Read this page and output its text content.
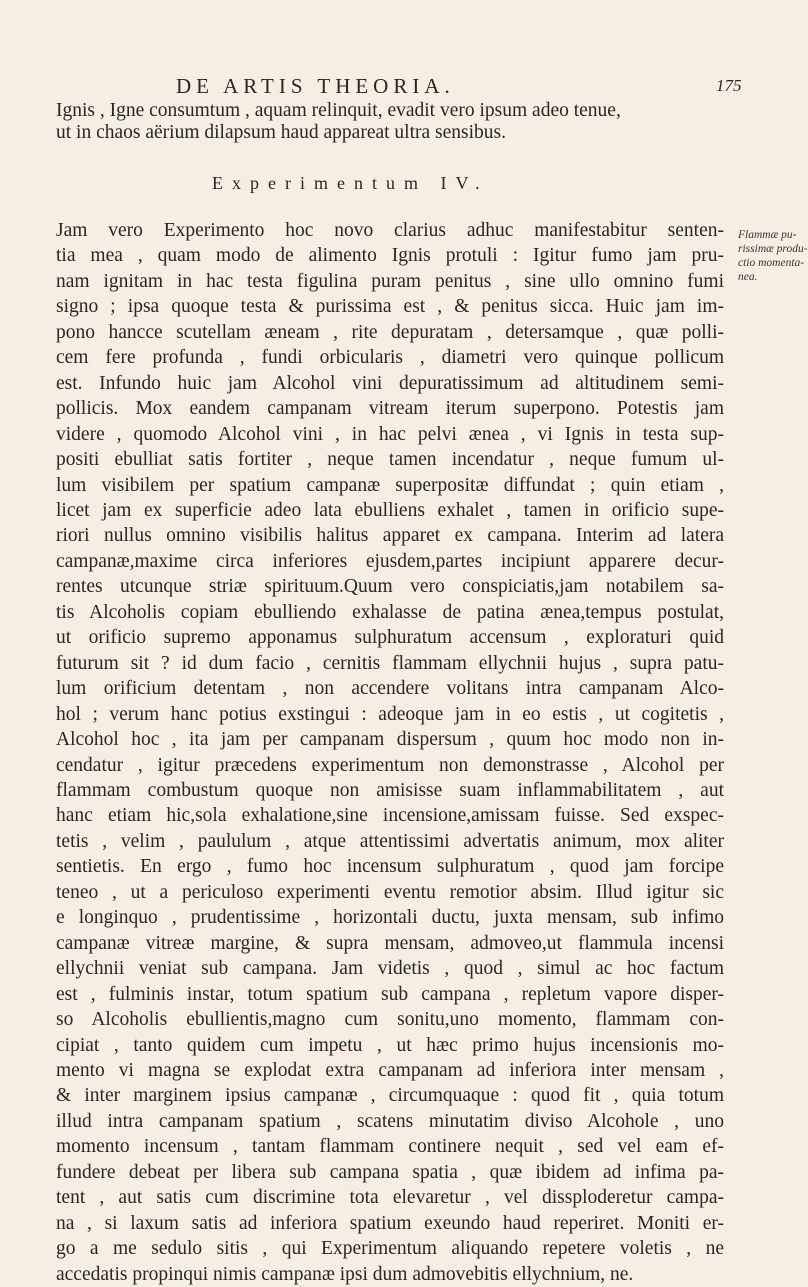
DE ARTIS THEORIA.	175
Ignis , Igne consumtum , aquam relinquit, evadit vero ipsum adeo tenue,
ut in chaos aërium dilapsum haud appareat ultra sensibus.
Experimentum IV.
Flammæ pu-
rissimæ produ-
ctio momenta-
nea.
Jam vero Experimento hoc novo clarius adhuc manifestabitur senten-
tia mea , quam modo de alimento Ignis protuli : Igitur fumo jam pru-
nam ignitam in hac testa figulina puram penitus , sine ullo omnino fumi
signo ; ipsa quoque testa & purissima est , & penitus sicca. Huic jam im-
pono hancce scutellam æneam , rite depuratam , detersamque , quæ polli-
cem fere profunda , fundi orbicularis , diametri vero quinque pollicum
est. Infundo huic jam Alcohol vini depuratissimum ad altitudinem semi-
pollicis. Mox eandem campanam vitream iterum superpono. Potestis jam
videre , quomodo Alcohol vini , in hac pelvi ænea , vi Ignis in testa sup-
positi ebulliat satis fortiter , neque tamen incendatur , neque fumum ul-
lum visibilem per spatium campanæ superpositæ diffundat ; quin etiam ,
licet jam ex superficie adeo lata ebulliens exhalet , tamen in orificio supe-
riori nullus omnino visibilis halitus apparet ex campana. Interim ad latera
campanæ,maxime circa inferiores ejusdem,partes incipiunt apparere decur-
rentes utcunque striæ spirituum.Quum vero conspiciatis,jam notabilem sa-
tis Alcoholis copiam ebulliendo exhalasse de patina ænea,tempus postulat,
ut orificio supremo apponamus sulphuratum accensum , exploraturi quid
futurum sit ? id dum facio , cernitis flammam ellychnii hujus , supra patu-
lum orificium detentam , non accendere volitans intra campanam Alco-
hol ; verum hanc potius exstingui : adeoque jam in eo estis , ut cogitetis ,
Alcohol hoc , ita jam per campanam dispersum , quum hoc modo non in-
cendatur , igitur præcedens experimentum non demonstrasse , Alcohol per
flammam combustum quoque non amisisse suam inflammabilitatem , aut
hanc etiam hic,sola exhalatione,sine incensione,amissam fuisse. Sed exspec-
tetis , velim , paululum , atque attentissimi advertatis animum, mox aliter
sentietis. En ergo , fumo hoc incensum sulphuratum , quod jam forcipe
teneo , ut a periculoso experimenti eventu remotior absim. Illud igitur sic
e longinquo , prudentissime , horizontali ductu, juxta mensam, sub infimo
campanæ vitreæ margine, & supra mensam, admoveo,ut flammula incensi
ellychnii veniat sub campana. Jam videtis , quod , simul ac hoc factum
est , fulminis instar, totum spatium sub campana , repletum vapore disper-
so Alcoholis ebullientis,magno cum sonitu,uno momento, flammam con-
cipiat , tanto quidem cum impetu , ut hæc primo hujus incensionis mo-
mento vi magna se explodat extra campanam ad inferiora inter mensam ,
& inter marginem ipsius campanæ , circumquaque : quod fit , quia totum
illud intra campanam spatium , scatens minutatim diviso Alcohole , uno
momento incensum , tantam flammam continere nequit , sed vel eam ef-
fundere debeat per libera sub campana spatia , quæ ibidem ad infima pa-
tent , aut satis cum discrimine tota elevaretur , vel dissploderetur campa-
na , si laxum satis ad inferiora spatium exeundo haud reperiret. Moniti er-
go a me sedulo sitis , qui Experimentum aliquando repetere voletis , ne
accedatis propinqui nimis campanæ ipsi dum admovebitis ellychnium, ne.
